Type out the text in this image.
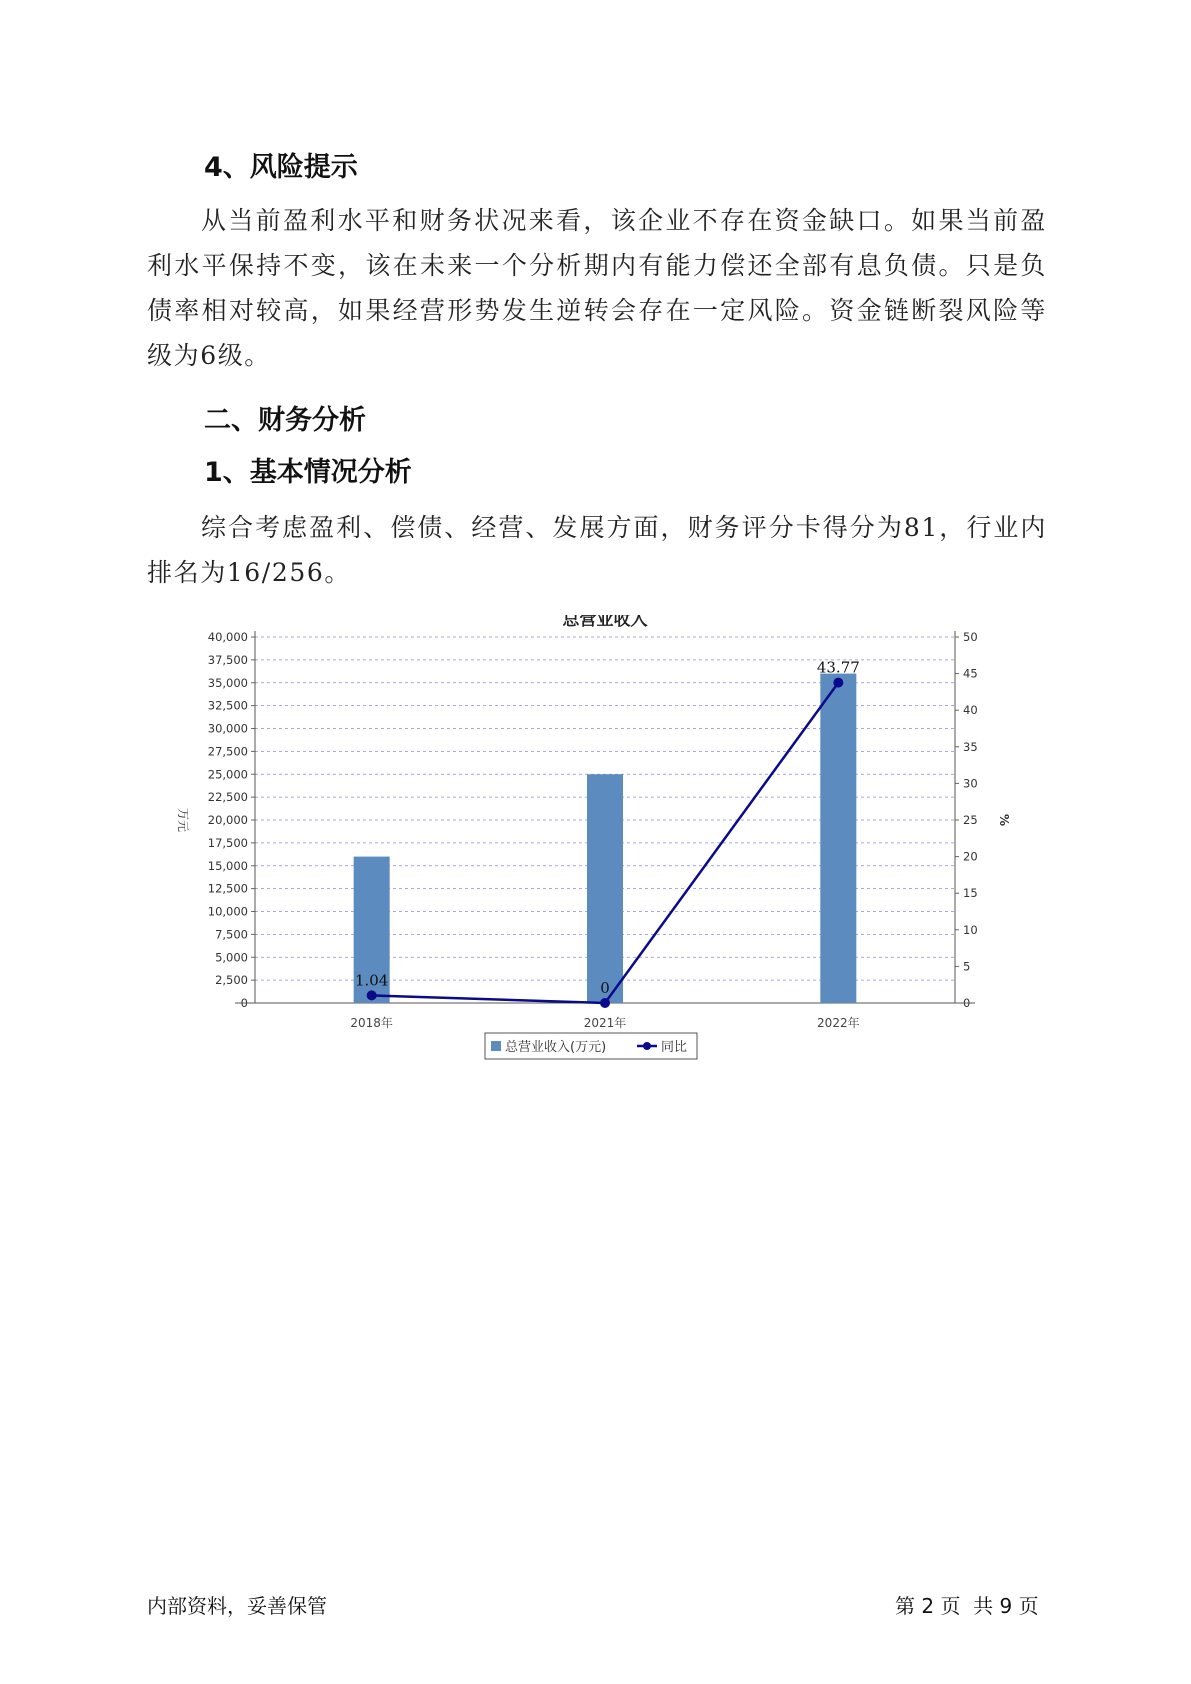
4、风险提示

从当前盈利水平和财务状况来看，该企业不存在资金缺口。如果当前盈利水平保持不变，该在未来一个分析期内有能力偿还全部有息负债。只是负债率相对较高，如果经营形势发生逆转会存在一定风险。资金链断裂风险等级为6级。

二、财务分析
1、基本情况分析

综合考虑盈利、偿债、经营、发展方面，财务评分卡得分为81，行业内排名为16/256。

总营业收入
0
2,500
5,000
7,500
10,000
12,500
15,000
17,500
20,000
22,500
25,000
27,500
30,000
32,500
35,000
37,500
40,000
0
5
10
15
20
25
30
35
40
45
50
万元	%
2018年	2021年	2022年
1.04	0
43.77
总营业收入(万元)	同比
内部资料，妥善保管	第 2 页  共 9 页
